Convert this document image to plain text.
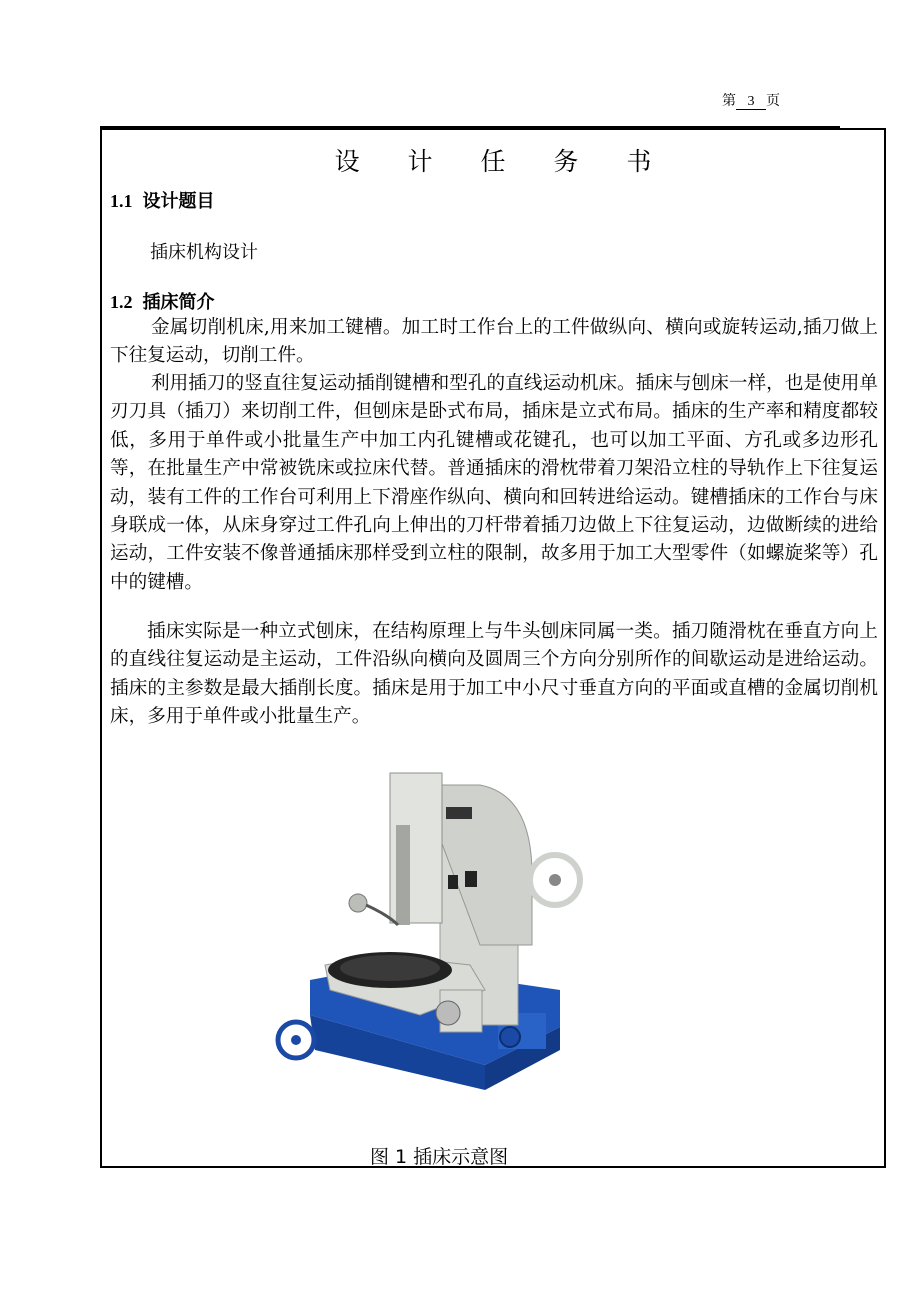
第 3 页
设 计 任 务 书
1.1 设计题目
插床机构设计
1.2 插床简介

金属切削机床,用来加工键槽。加工时工作台上的工件做纵向、横向或旋转运动,插刀做上下往复运动，切削工件。

利用插刀的竖直往复运动插削键槽和型孔的直线运动机床。插床与刨床一样，也是使用单刃刀具（插刀）来切削工件，但刨床是卧式布局，插床是立式布局。插床的生产率和精度都较低，多用于单件或小批量生产中加工内孔键槽或花键孔，也可以加工平面、方孔或多边形孔等，在批量生产中常被铣床或拉床代替。普通插床的滑枕带着刀架沿立柱的导轨作上下往复运动，装有工件的工作台可利用上下滑座作纵向、横向和回转进给运动。键槽插床的工作台与床身联成一体，从床身穿过工件孔向上伸出的刀杆带着插刀边做上下往复运动，边做断续的进给运动，工件安装不像普通插床那样受到立柱的限制，故多用于加工大型零件（如螺旋桨等）孔中的键槽。

插床实际是一种立式刨床，在结构原理上与牛头刨床同属一类。插刀随滑枕在垂直方向上的直线往复运动是主运动，工件沿纵向横向及圆周三个方向分别所作的间歇运动是进给运动。插床的主参数是最大插削长度。插床是用于加工中小尺寸垂直方向的平面或直槽的金属切削机床，多用于单件或小批量生产。

图 1 插床示意图
